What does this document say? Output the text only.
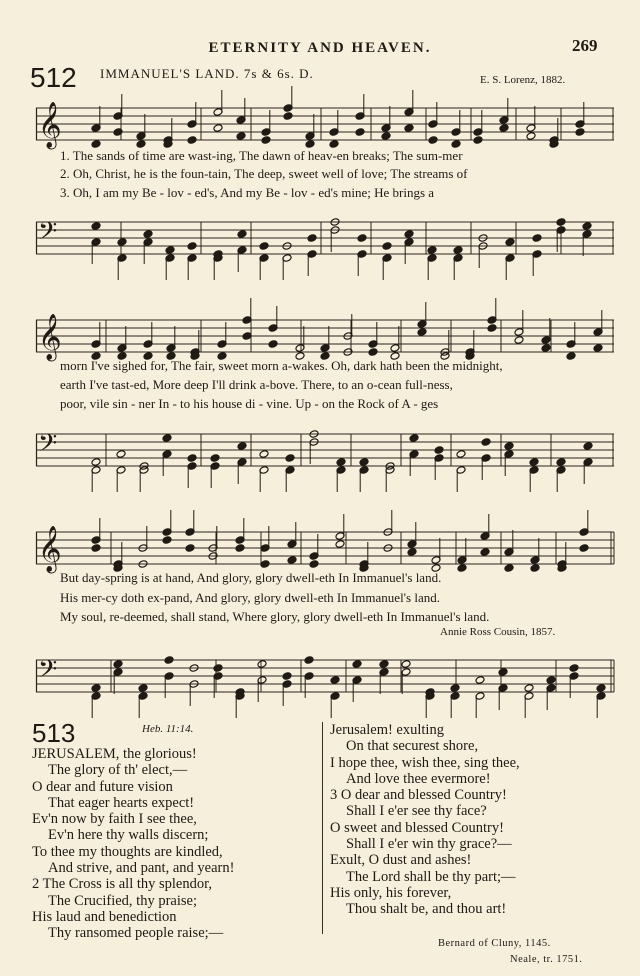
ETERNITY AND HEAVEN.	269
512 IMMANUEL'S LAND. 7s & 6s. D.	E. S. Lorenz, 1882.
𝄞
1. The sands of time are wast-ing, The dawn of heav-en breaks; The sum-mer
2. Oh, Christ, he is the foun-tain, The deep, sweet well of love; The streams of
3. Oh, I am my Be - lov - ed's, And my Be - lov - ed's mine; He brings a
𝄢
𝄞
morn I've sighed for, The fair, sweet morn a-wakes. Oh, dark hath been the midnight,
earth I've tast-ed, More deep I'll drink a-bove. There, to an o-cean full-ness,
poor, vile sin - ner In - to his house di - vine. Up - on the Rock of A - ges
𝄢
𝄞
But day-spring is at hand, And glory, glory dwell-eth In Immanuel's land.
His mer-cy doth ex-pand, And glory, glory dwell-eth In Immanuel's land.
My soul, re-deemed, shall stand, Where glory, glory dwell-eth In Immanuel's land.
Annie Ross Cousin, 1857.
𝄢
513	Heb. 11:14.
JERUSALEM, the glorious!
The glory of th' elect,—
O dear and future vision
That eager hearts expect!
Ev'n now by faith I see thee,
Ev'n here thy walls discern;
To thee my thoughts are kindled,
And strive, and pant, and yearn!
2 The Cross is all thy splendor,
The Crucified, thy praise;
His laud and benediction
Thy ransomed people raise;—
Jerusalem! exulting
On that securest shore,
I hope thee, wish thee, sing thee,
And love thee evermore!
3 O dear and blessed Country!
Shall I e'er see thy face?
O sweet and blessed Country!
Shall I e'er win thy grace?—
Exult, O dust and ashes!
The Lord shall be thy part;—
His only, his forever,
Thou shalt be, and thou art!
Bernard of Cluny, 1145.
Neale, tr. 1751.
